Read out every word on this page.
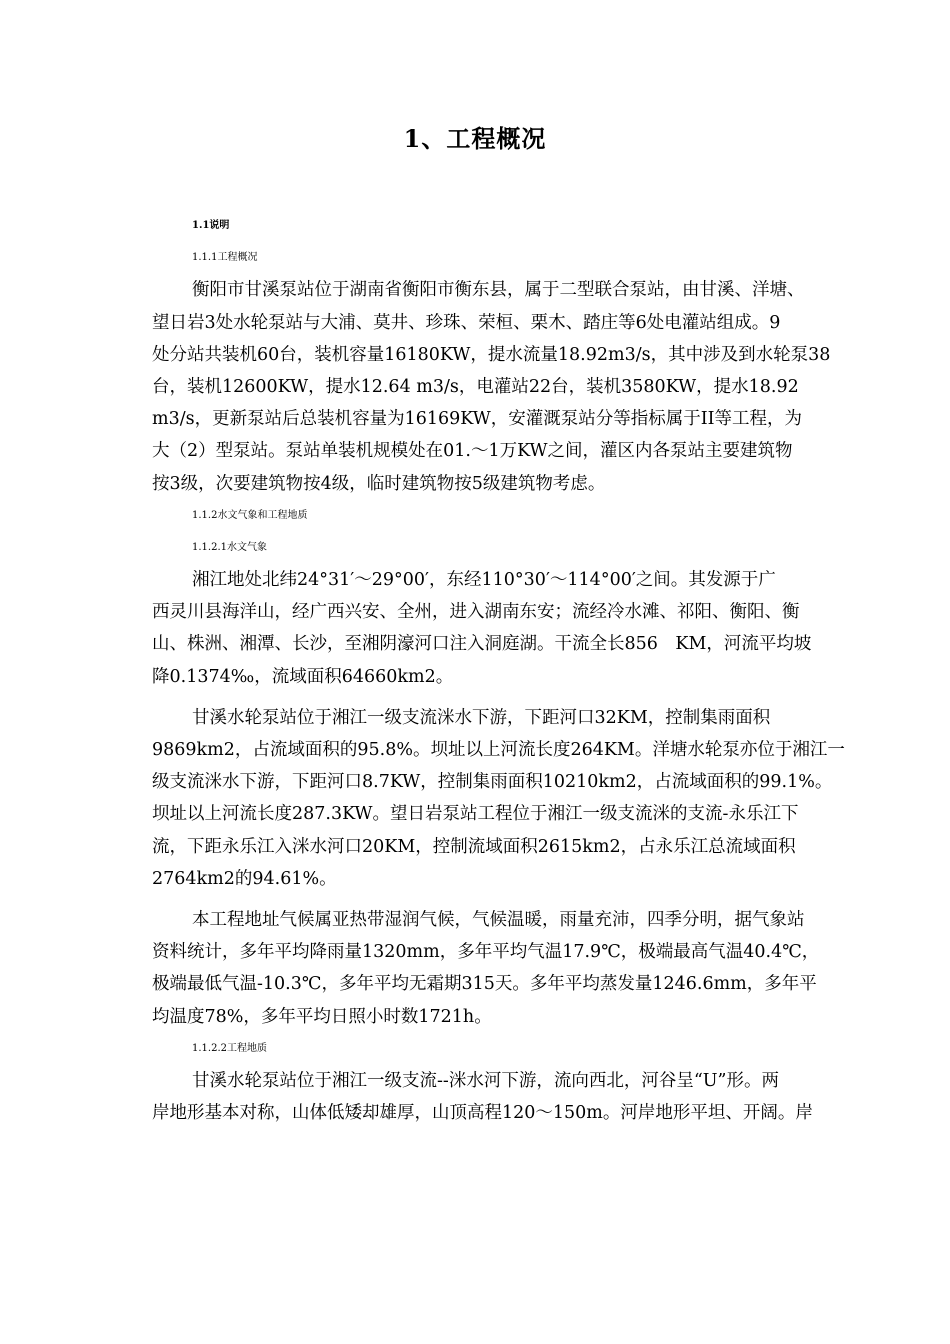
1、工程概况
1.1说明
1.1.1工程概况
衡阳市甘溪泵站位于湖南省衡阳市衡东县，属于二型联合泵站，由甘溪、洋塘、
望日岩3处水轮泵站与大浦、莫井、珍珠、荣桓、栗木、踏庄等6处电灌站组成。9
处分站共装机60台，装机容量16180KW，提水流量18.92m3/s，其中涉及到水轮泵38
台，装机12600KW，提水12.64 m3/s，电灌站22台，装机3580KW，提水18.92
m3/s，更新泵站后总装机容量为16169KW，安灌溉泵站分等指标属于II等工程，为
大（2）型泵站。泵站单装机规模处在01.～1万KW之间，灌区内各泵站主要建筑物
按3级，次要建筑物按4级，临时建筑物按5级建筑物考虑。
1.1.2水文气象和工程地质
1.1.2.1水文气象
湘江地处北纬24°31′～29°00′，东经110°30′～114°00′之间。其发源于广
西灵川县海洋山，经广西兴安、全州，进入湖南东安；流经冷水滩、祁阳、衡阳、衡
山、株洲、湘潭、长沙，至湘阴濠河口注入洞庭湖。干流全长856　KM，河流平均坡
降0.1374‰，流域面积64660km2。
甘溪水轮泵站位于湘江一级支流洣水下游，下距河口32KM，控制集雨面积
9869km2，占流域面积的95.8%。坝址以上河流长度264KM。洋塘水轮泵亦位于湘江一
级支流洣水下游，下距河口8.7KW，控制集雨面积10210km2，占流域面积的99.1%。
坝址以上河流长度287.3KW。望日岩泵站工程位于湘江一级支流洣的支流-永乐江下
流，下距永乐江入洣水河口20KM，控制流域面积2615km2，占永乐江总流域面积
2764km2的94.61%。
本工程地址气候属亚热带湿润气候，气候温暖，雨量充沛，四季分明，据气象站
资料统计，多年平均降雨量1320mm，多年平均气温17.9℃，极端最高气温40.4℃，
极端最低气温-10.3℃，多年平均无霜期315天。多年平均蒸发量1246.6mm，多年平
均温度78%，多年平均日照小时数1721h。
1.1.2.2工程地质
甘溪水轮泵站位于湘江一级支流--洣水河下游，流向西北，河谷呈“U”形。两
岸地形基本对称，山体低矮却雄厚，山顶高程120～150m。河岸地形平坦、开阔。岸
